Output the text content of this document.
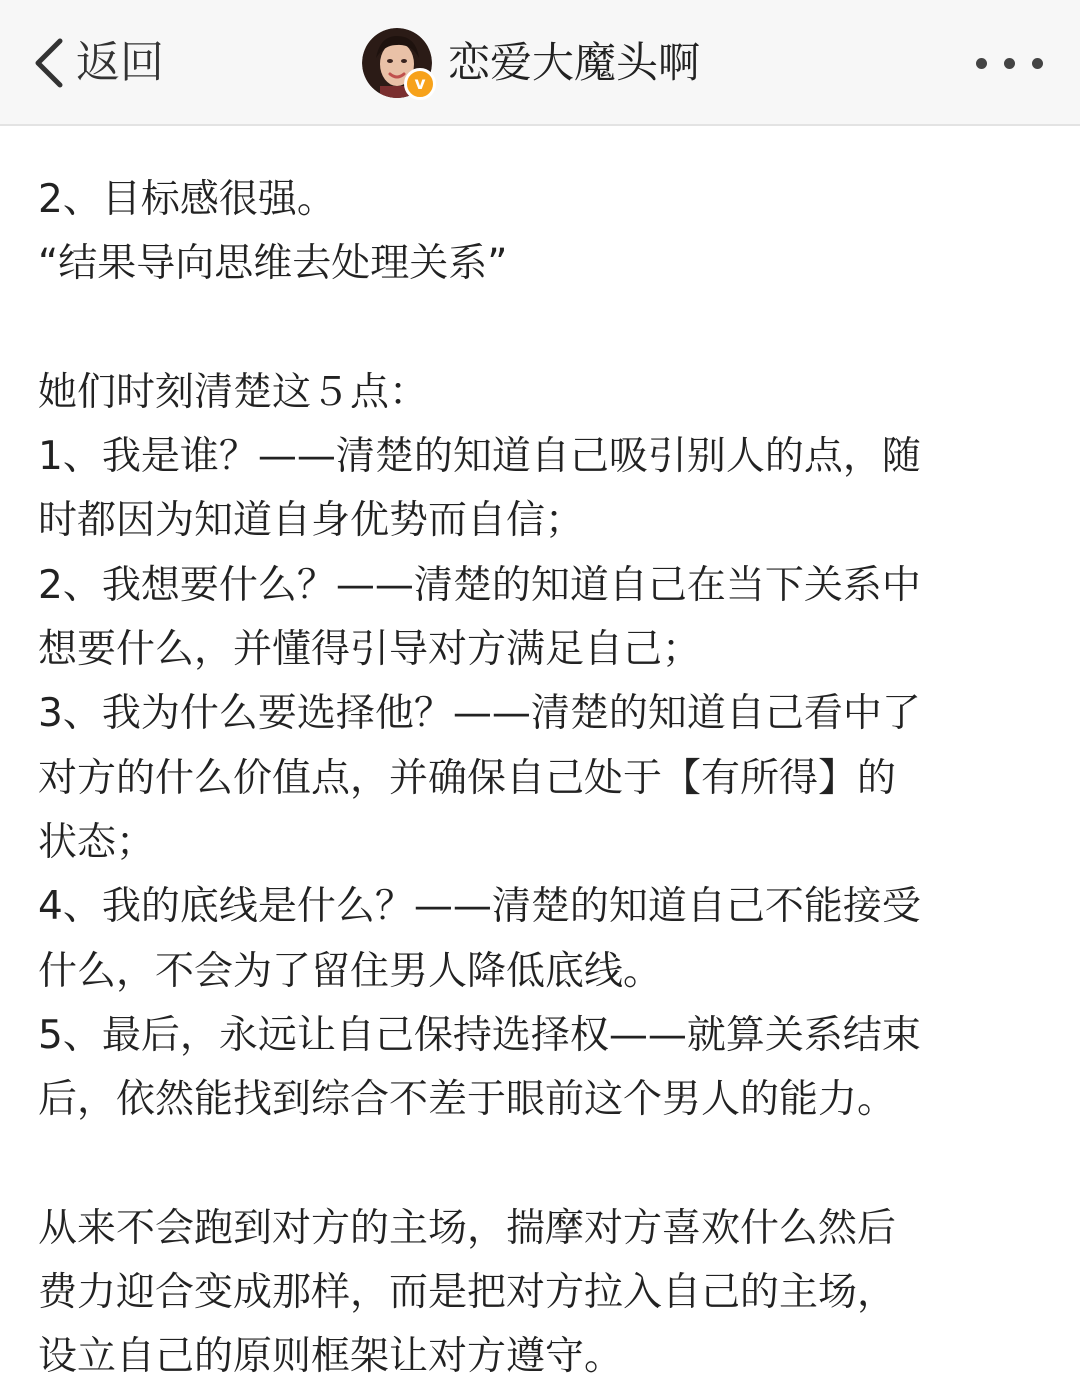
返回	v 恋爱大魔头啊
2、目标感很强。
“结果导向思维去处理关系”
她们时刻清楚这５点：
1、我是谁？——清楚的知道自己吸引别人的点，随
时都因为知道自身优势而自信；
2、我想要什么？——清楚的知道自己在当下关系中
想要什么，并懂得引导对方满足自己；
3、我为什么要选择他？——清楚的知道自己看中了
对方的什么价值点，并确保自己处于【有所得】的
状态；
4、我的底线是什么？——清楚的知道自己不能接受
什么，不会为了留住男人降低底线。
5、最后，永远让自己保持选择权——就算关系结束
后，依然能找到综合不差于眼前这个男人的能力。
从来不会跑到对方的主场，揣摩对方喜欢什么然后
费力迎合变成那样，而是把对方拉入自己的主场，
设立自己的原则框架让对方遵守。
